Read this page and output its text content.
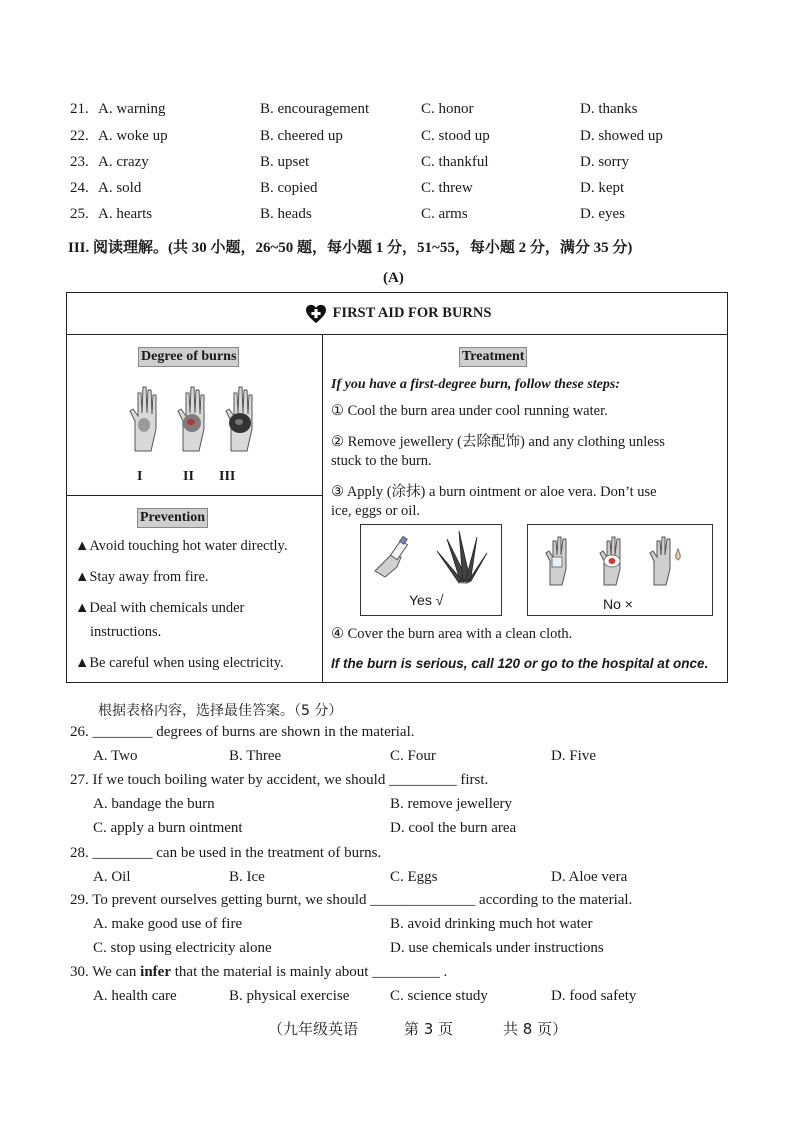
21. A. warning	B. encouragement	C. honor	D. thanks
22. A. woke up	B. cheered up	C. stood up	D. showed up
23. A. crazy	B. upset	C. thankful	D. sorry
24. A. sold	B. copied	C. threw	D. kept
25. A. hearts	B. heads	C. arms	D. eyes
III. 阅读理解。(共 30 小题，26~50 题，每小题 1 分，51~55，每小题 2 分，满分 35 分)
(A)
FIRST AID FOR BURNS
Degree of burns
I	II III
Prevention
▲Avoid touching hot water directly.
▲Stay away from fire.
▲Deal with chemicals under
instructions.
▲Be careful when using electricity.
Treatment
If you have a first-degree burn, follow these steps:
① Cool the burn area under cool running water.
② Remove jewellery (去除配饰) and any clothing unless
stuck to the burn.
③ Apply (涂抹) a burn ointment or aloe vera. Don’t use
ice, eggs or oil.
Yes √	No ×
④ Cover the burn area with a clean cloth.
If the burn is serious, call 120 or go to the hospital at once.
根据表格内容，选择最佳答案。（5 分）
26. ________ degrees of burns are shown in the material.
A. Two	B. Three	C. Four	D. Five
27. If we touch boiling water by accident, we should _________ first.
A. bandage the burn	B. remove jewellery
C. apply a burn ointment	D. cool the burn area
28. ________ can be used in the treatment of burns.
A. Oil	B. Ice	C. Eggs	D. Aloe vera
29. To prevent ourselves getting burnt, we should ______________ according to the material.
A. make good use of fire	B. avoid drinking much hot water
C. stop using electricity alone	D. use chemicals under instructions
30. We can infer that the material is mainly about _________ .
A. health care	B. physical exercise	C. science study	D. food safety
（九年级英语	第 3 页	共 8 页）
